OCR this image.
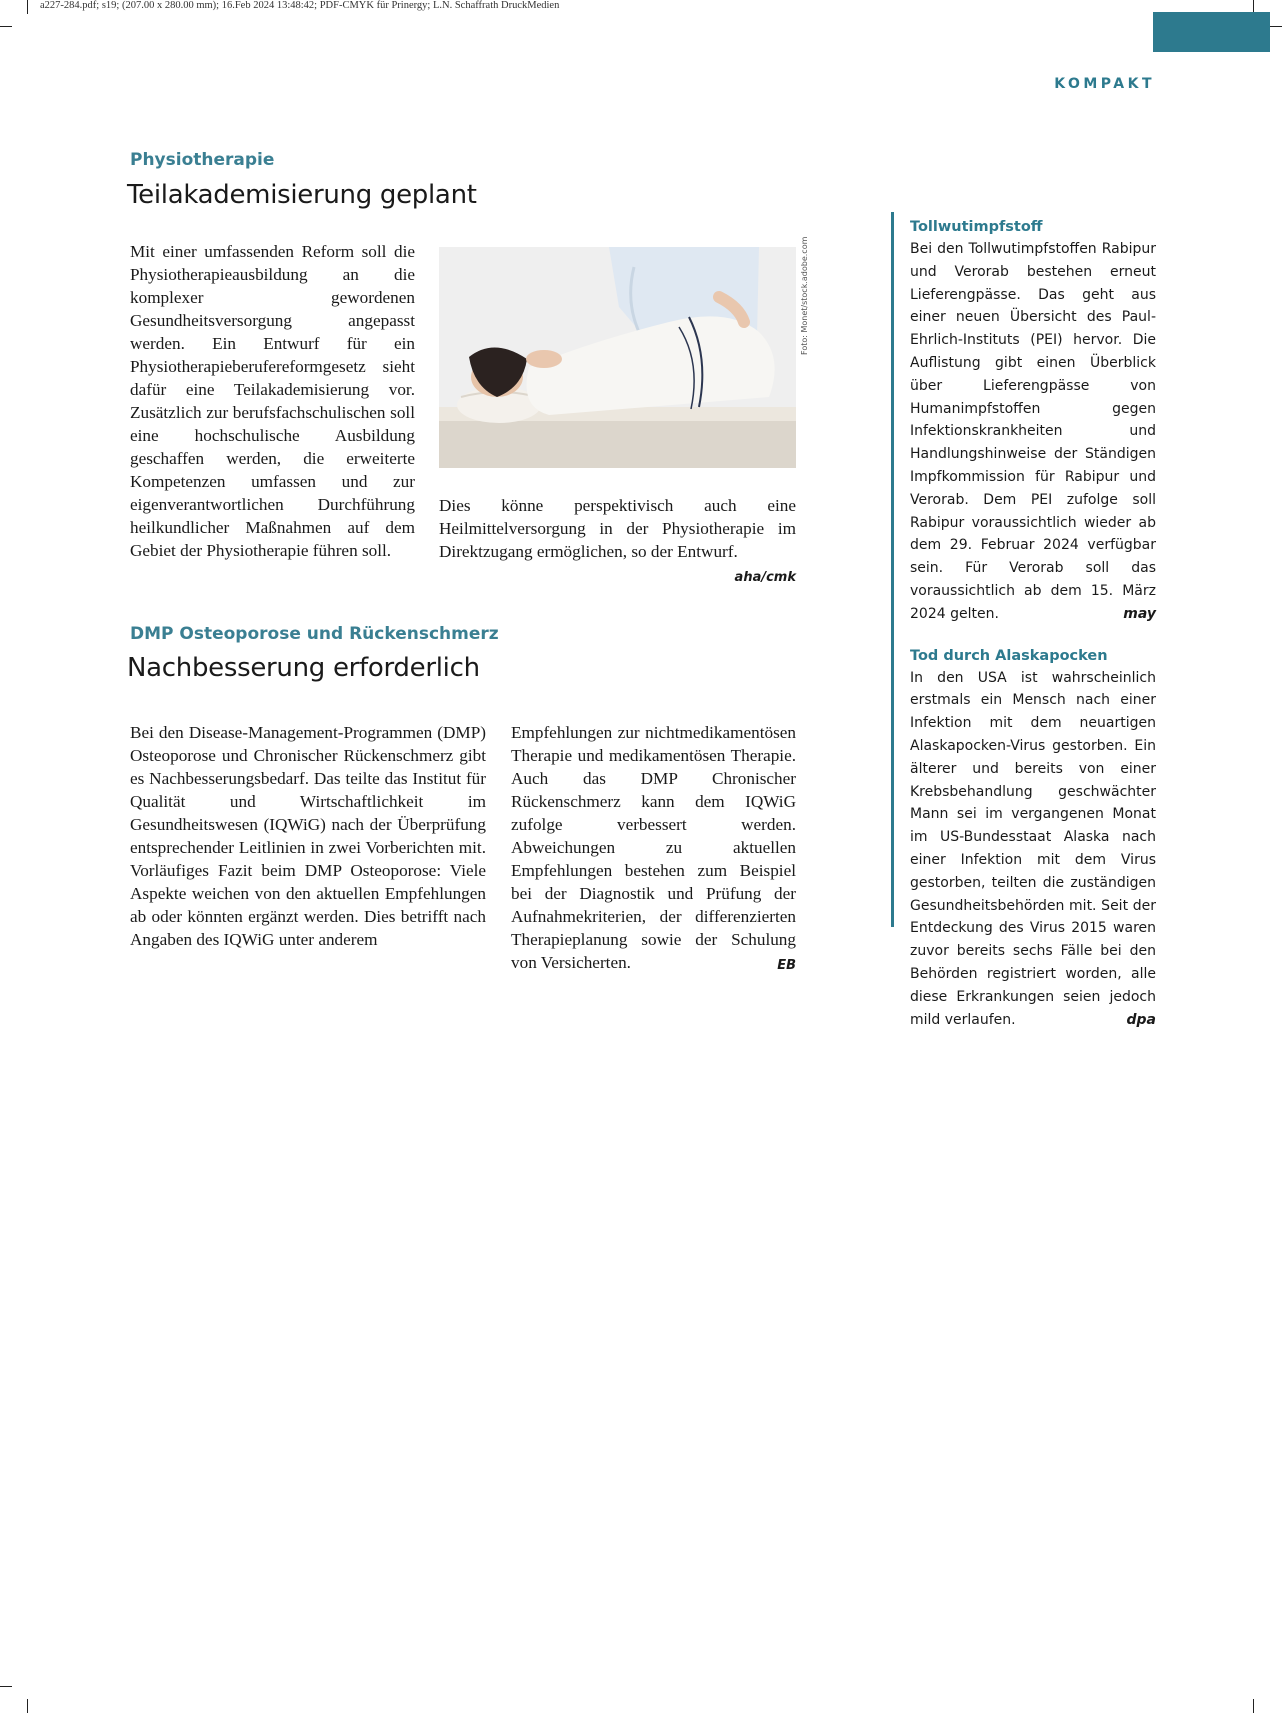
a227-284.pdf; s19; (207.00 x 280.00 mm); 16.Feb 2024 13:48:42; PDF-CMYK für Prinergy; L.N. Schaffrath DruckMedien
KOMPAKT
Physiotherapie
Teilakademisierung geplant

Mit einer umfassenden Reform soll die Physiotherapieausbildung an die komplexer gewordenen Gesundheitsversorgung angepasst werden. Ein Entwurf für ein Physiotherapieberufereformgesetz sieht dafür eine Teilakademisierung vor. Zusätzlich zur berufsfachschulischen soll eine hochschulische Ausbildung geschaffen werden, die erweiterte Kompetenzen umfassen und zur eigenverantwortlichen Durchführung heilkundlicher Maßnahmen auf dem Gebiet der Physiotherapie führen soll.

Foto: Monet/stock.adobe.com

Dies könne perspektivisch auch eine Heilmittelversorgung in der Physiotherapie im Direktzugang ermöglichen, so der Entwurf.
aha/cmk

DMP Osteoporose und Rückenschmerz
Nachbesserung erforderlich

Bei den Disease-Management-Programmen (DMP) Osteoporose und Chronischer Rückenschmerz gibt es Nachbesserungsbedarf. Das teilte das Institut für Qualität und Wirtschaftlichkeit im Gesundheitswesen (IQWiG) nach der Überprüfung entsprechender Leitlinien in zwei Vorberichten mit. Vorläufiges Fazit beim DMP Osteoporose: Viele Aspekte weichen von den aktuellen Empfehlungen ab oder könnten ergänzt werden. Dies betrifft nach Angaben des IQWiG unter anderem

Empfehlungen zur nichtmedikamentösen Therapie und medikamentösen Therapie. Auch das DMP Chronischer Rückenschmerz kann dem IQWiG zufolge verbessert werden. Abweichungen zu aktuellen Empfehlungen bestehen zum Beispiel bei der Diagnostik und Prüfung der Aufnahmekriterien, der differenzierten Therapieplanung sowie der Schulung von Versicherten.	EB

Tollwutimpfstoff

Bei den Tollwutimpfstoffen Rabipur und Verorab bestehen erneut Lieferengpässe. Das geht aus einer neuen Übersicht des Paul-Ehrlich-Instituts (PEI) hervor. Die Auflistung gibt einen Überblick über Lieferengpässe von Humanimpfstoffen gegen Infektionskrankheiten und Handlungshinweise der Ständigen Impfkommission für Rabipur und Verorab. Dem PEI zufolge soll Rabipur voraussichtlich wieder ab dem 29. Februar 2024 verfügbar sein. Für Verorab soll das voraussichtlich ab dem 15. März 2024 gelten.	may

Tod durch Alaskapocken

In den USA ist wahrscheinlich erstmals ein Mensch nach einer Infektion mit dem neuartigen Alaskapocken-Virus gestorben. Ein älterer und bereits von einer Krebsbehandlung geschwächter Mann sei im vergangenen Monat im US-Bundesstaat Alaska nach einer Infektion mit dem Virus gestorben, teilten die zuständigen Gesundheitsbehörden mit. Seit der Entdeckung des Virus 2015 waren zuvor bereits sechs Fälle bei den Behörden registriert worden, alle diese Erkrankungen seien jedoch mild verlaufen.	dpa
